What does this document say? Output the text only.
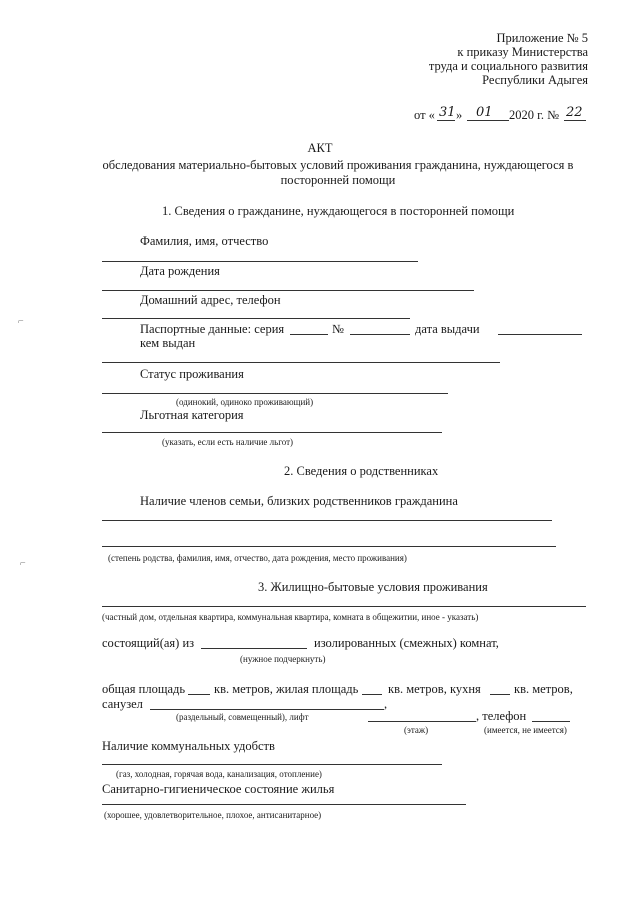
⌐
⌐
Приложение № 5
к приказу Министерства
труда и социального развития
Республики Адыгея
от « 31 » 01 2020 г. № 22
АКТ
обследования материально-бытовых условий проживания гражданина, нуждающегося в
посторонней помощи
1. Сведения о гражданине, нуждающегося в посторонней помощи
Фамилия, имя, отчество
Дата рождения
Домашний адрес, телефон
Паспортные данные: серия	№	дата выдачи
кем выдан
Статус проживания
(одинокий, одиноко проживающий)
Льготная категория
(указать, если есть наличие льгот)
2. Сведения о родственниках
Наличие членов семьи, близких родственников гражданина
(степень родства, фамилия, имя, отчество, дата рождения, место проживания)
3. Жилищно-бытовые условия проживания
(частный дом, отдельная квартира, коммунальная квартира, комната в общежитии, иное - указать)
состоящий(ая) из	изолированных (смежных) комнат,
(нужное подчеркнуть)
общая площадь кв. метров, жилая площадь кв. метров, кухня	кв. метров,
санузел	,
(раздельный, совмещенный), лифт	, телефон
(этаж)	(имеется, не имеется)
Наличие коммунальных удобств
(газ, холодная, горячая вода, канализация, отопление)
Санитарно-гигиеническое состояние жилья
(хорошее, удовлетворительное, плохое, антисанитарное)
